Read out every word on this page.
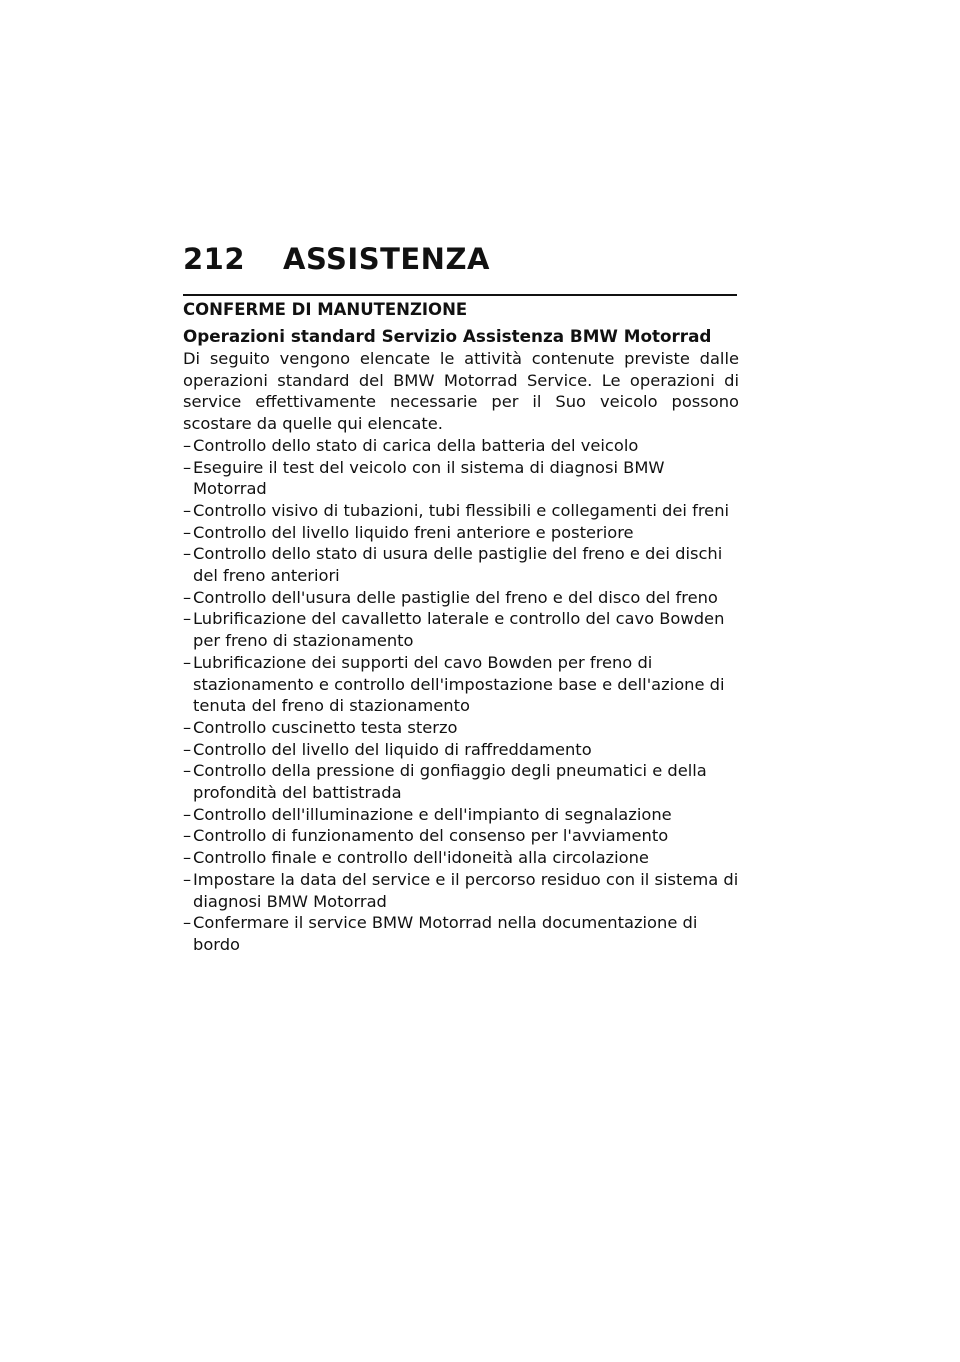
212	ASSISTENZA
CONFERME DI MANUTENZIONE
Operazioni standard Servizio Assistenza BMW Motorrad

Di seguito vengono elencate le attività contenute previste dalle operazioni standard del BMW Motorrad Service. Le operazioni di service effettivamente necessarie per il Suo veicolo possono scostare da quelle qui elencate.

– Controllo dello stato di carica della batteria del veicolo
– Eseguire il test del veicolo con il sistema di diagnosi BMW Motorrad
– Controllo visivo di tubazioni, tubi flessibili e collegamenti dei freni
– Controllo del livello liquido freni anteriore e posteriore
– Controllo dello stato di usura delle pastiglie del freno e dei dischi del freno anteriori
– Controllo dell'usura delle pastiglie del freno e del disco del freno
– Lubrificazione del cavalletto laterale e controllo del cavo Bowden per freno di stazionamento
– Lubrificazione dei supporti del cavo Bowden per freno di stazionamento e controllo dell'impostazione base e dell'azione di tenuta del freno di stazionamento
– Controllo cuscinetto testa sterzo
– Controllo del livello del liquido di raffreddamento
– Controllo della pressione di gonfiaggio degli pneumatici e della profondità del battistrada
– Controllo dell'illuminazione e dell'impianto di segnalazione
– Controllo di funzionamento del consenso per l'avviamento
– Controllo finale e controllo dell'idoneità alla circolazione
– Impostare la data del service e il percorso residuo con il sistema di diagnosi BMW Motorrad
– Confermare il service BMW Motorrad nella documentazione di bordo
